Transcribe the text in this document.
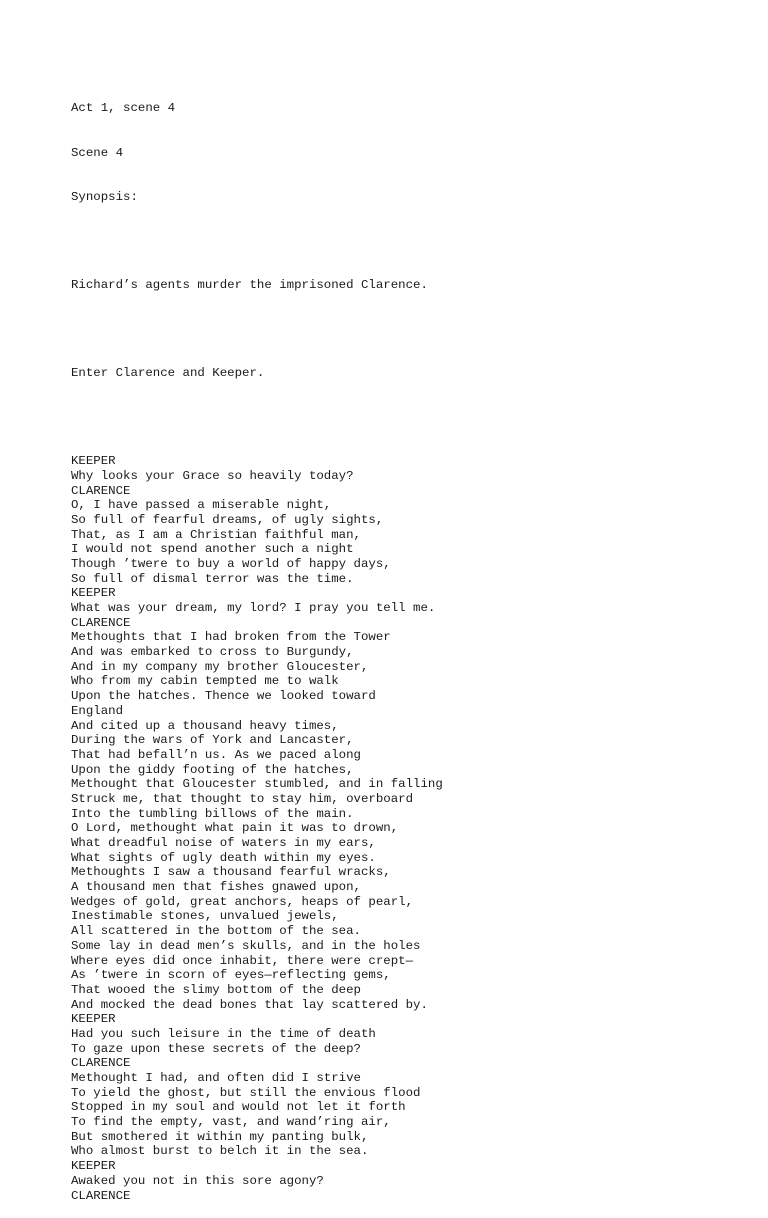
Act 1, scene 4

Scene 4

Synopsis:

Richard’s agents murder the imprisoned Clarence.

Enter Clarence and Keeper.

KEEPER
Why looks your Grace so heavily today?
CLARENCE
O, I have passed a miserable night,
So full of fearful dreams, of ugly sights,
That, as I am a Christian faithful man,
I would not spend another such a night
Though ’twere to buy a world of happy days,
So full of dismal terror was the time.
KEEPER
What was your dream, my lord? I pray you tell me.
CLARENCE
Methoughts that I had broken from the Tower
And was embarked to cross to Burgundy,
And in my company my brother Gloucester,
Who from my cabin tempted me to walk
Upon the hatches. Thence we looked toward
England
And cited up a thousand heavy times,
During the wars of York and Lancaster,
That had befall’n us. As we paced along
Upon the giddy footing of the hatches,
Methought that Gloucester stumbled, and in falling
Struck me, that thought to stay him, overboard
Into the tumbling billows of the main.
O Lord, methought what pain it was to drown,
What dreadful noise of waters in my ears,
What sights of ugly death within my eyes.
Methoughts I saw a thousand fearful wracks,
A thousand men that fishes gnawed upon,
Wedges of gold, great anchors, heaps of pearl,
Inestimable stones, unvalued jewels,
All scattered in the bottom of the sea.
Some lay in dead men’s skulls, and in the holes
Where eyes did once inhabit, there were crept—
As ’twere in scorn of eyes—reflecting gems,
That wooed the slimy bottom of the deep
And mocked the dead bones that lay scattered by.
KEEPER
Had you such leisure in the time of death
To gaze upon these secrets of the deep?
CLARENCE
Methought I had, and often did I strive
To yield the ghost, but still the envious flood
Stopped in my soul and would not let it forth
To find the empty, vast, and wand’ring air,
But smothered it within my panting bulk,
Who almost burst to belch it in the sea.
KEEPER
Awaked you not in this sore agony?
CLARENCE
